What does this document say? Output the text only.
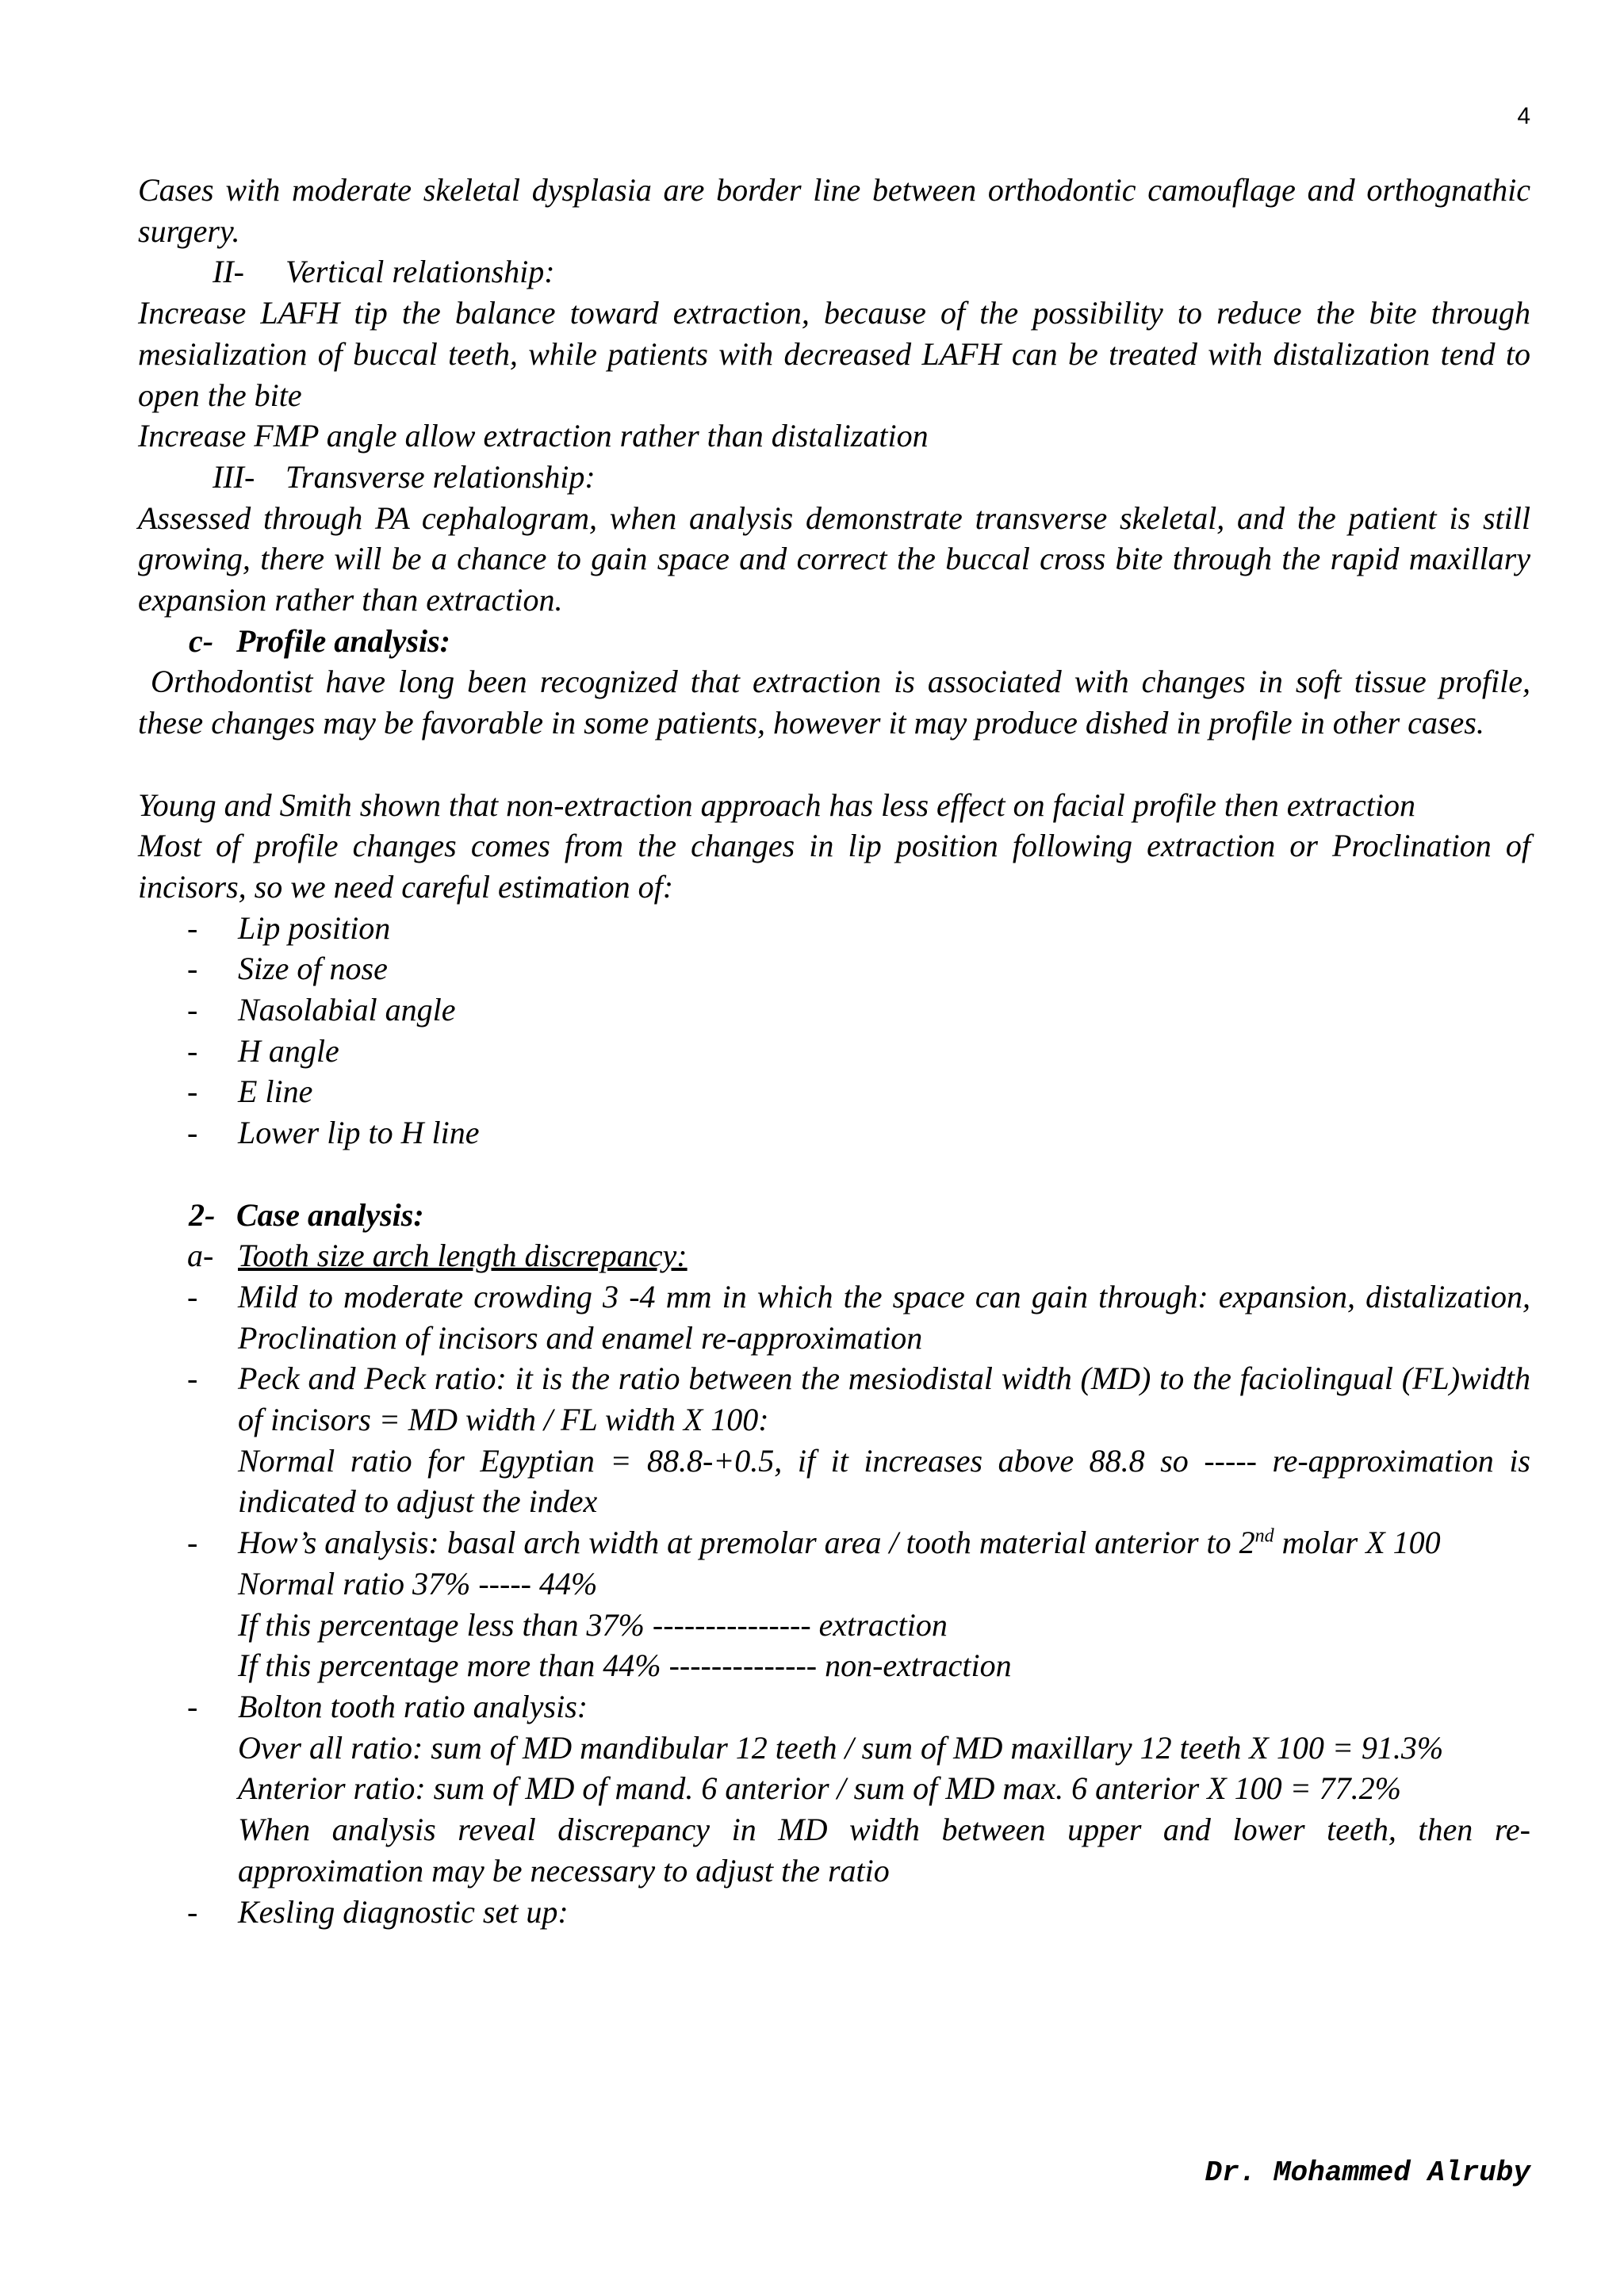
4

Cases with moderate skeletal dysplasia are border line between orthodontic camouflage and orthognathic surgery.

II-	Vertical relationship:

Increase LAFH tip the balance toward extraction, because of the possibility to reduce the bite through mesialization of buccal teeth, while patients with decreased LAFH can be treated with distalization tend to open the bite

Increase FMP angle allow extraction rather than distalization

III- Transverse relationship:

Assessed through PA cephalogram, when analysis demonstrate transverse skeletal, and the patient is still growing, there will be a chance to gain space and correct the buccal cross bite through the rapid maxillary expansion rather than extraction.

c- Profile analysis:

Orthodontist have long been recognized that extraction is associated with changes in soft tissue profile, these changes may be favorable in some patients, however it may produce dished in profile in other cases.

Young and Smith shown that non-extraction approach has less effect on facial profile then extraction

Most of profile changes comes from the changes in lip position following extraction or Proclination of incisors, so we need careful estimation of:

-	Lip position
-	Size of nose
-	Nasolabial angle
-	H angle
-	E line
-	Lower lip to H line
2- Case analysis:
a- Tooth size arch length discrepancy:
-	Mild to moderate crowding 3 -4 mm in which the space can gain through: expansion, distalization, Proclination of incisors and enamel re-approximation
-	Peck and Peck ratio: it is the ratio between the mesiodistal width (MD) to the faciolingual (FL)width of incisors = MD width / FL width X 100:

Normal ratio for Egyptian = 88.8-+0.5, if it increases above 88.8 so ----- re-approximation is indicated to adjust the index

-	How’s analysis: basal arch width at premolar area / tooth material anterior to 2nd molar X 100

Normal ratio 37% ----- 44%

If this percentage less than 37% --------------- extraction

If this percentage more than 44% -------------- non-extraction

-	Bolton tooth ratio analysis:

Over all ratio: sum of MD mandibular 12 teeth / sum of MD maxillary 12 teeth X 100 = 91.3%

Anterior ratio: sum of MD of mand. 6 anterior / sum of MD max. 6 anterior X 100 = 77.2%

When analysis reveal discrepancy in MD width between upper and lower teeth, then re-approximation may be necessary to adjust the ratio

-	Kesling diagnostic set up:
Dr. Mohammed Alruby
